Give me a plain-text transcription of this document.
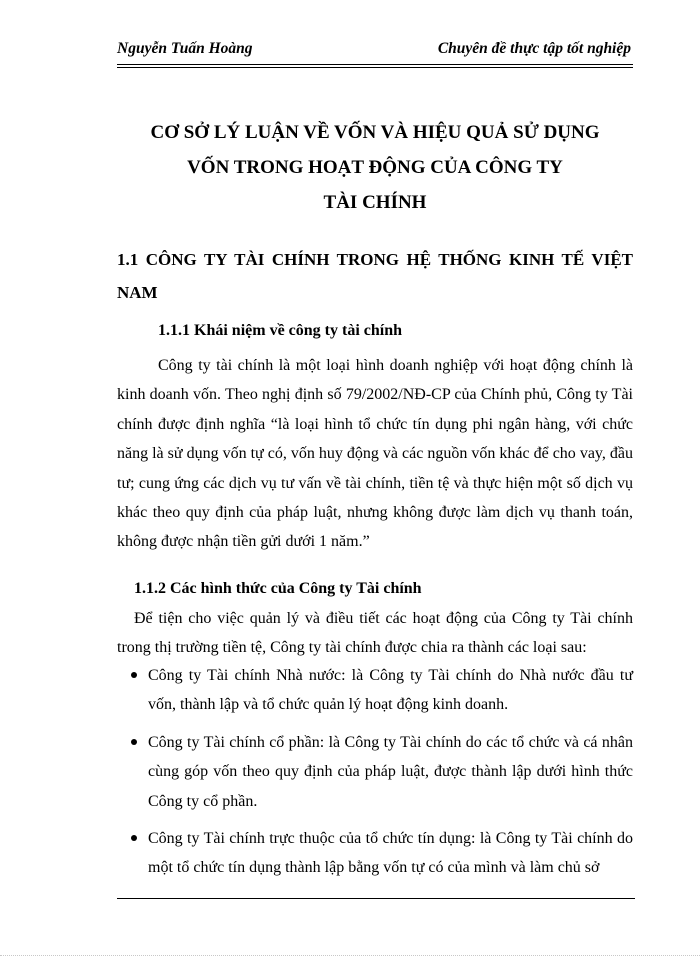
Nguyễn Tuấn Hoàng	Chuyên đề thực tập tốt nghiệp
CƠ SỞ LÝ LUẬN VỀ VỐN VÀ HIỆU QUẢ SỬ DỤNG
VỐN TRONG HOẠT ĐỘNG CỦA CÔNG TY
TÀI CHÍNH
1.1 CÔNG TY TÀI CHÍNH TRONG HỆ THỐNG KINH TẾ VIỆT
NAM
1.1.1 Khái niệm về công ty tài chính
Công ty tài chính là một loại hình doanh nghiệp với hoạt động chính là kinh doanh vốn. Theo nghị định số 79/2002/NĐ-CP của Chính phủ, Công ty Tài chính được định nghĩa “là loại hình tổ chức tín dụng phi ngân hàng, với chức năng là sử dụng vốn tự có, vốn huy động và các nguồn vốn khác để cho vay, đầu tư; cung ứng các dịch vụ tư vấn về tài chính, tiền tệ và thực hiện một số dịch vụ khác theo quy định của pháp luật, nhưng không được làm dịch vụ thanh toán, không được nhận tiền gửi dưới 1 năm.”
1.1.2 Các hình thức của Công ty Tài chính
Để tiện cho việc quản lý và điều tiết các hoạt động của Công ty Tài chính trong thị trường tiền tệ, Công ty tài chính được chia ra thành các loại sau:
Công ty Tài chính Nhà nước: là Công ty Tài chính do Nhà nước đầu tư vốn, thành lập và tổ chức quản lý hoạt động kinh doanh.
Công ty Tài chính cổ phần: là Công ty Tài chính do các tổ chức và cá nhân cùng góp vốn theo quy định của pháp luật, được thành lập dưới hình thức Công ty cổ phần.
Công ty Tài chính trực thuộc của tổ chức tín dụng: là Công ty Tài chính do một tổ chức tín dụng thành lập bằng vốn tự có của mình và làm chủ sở
